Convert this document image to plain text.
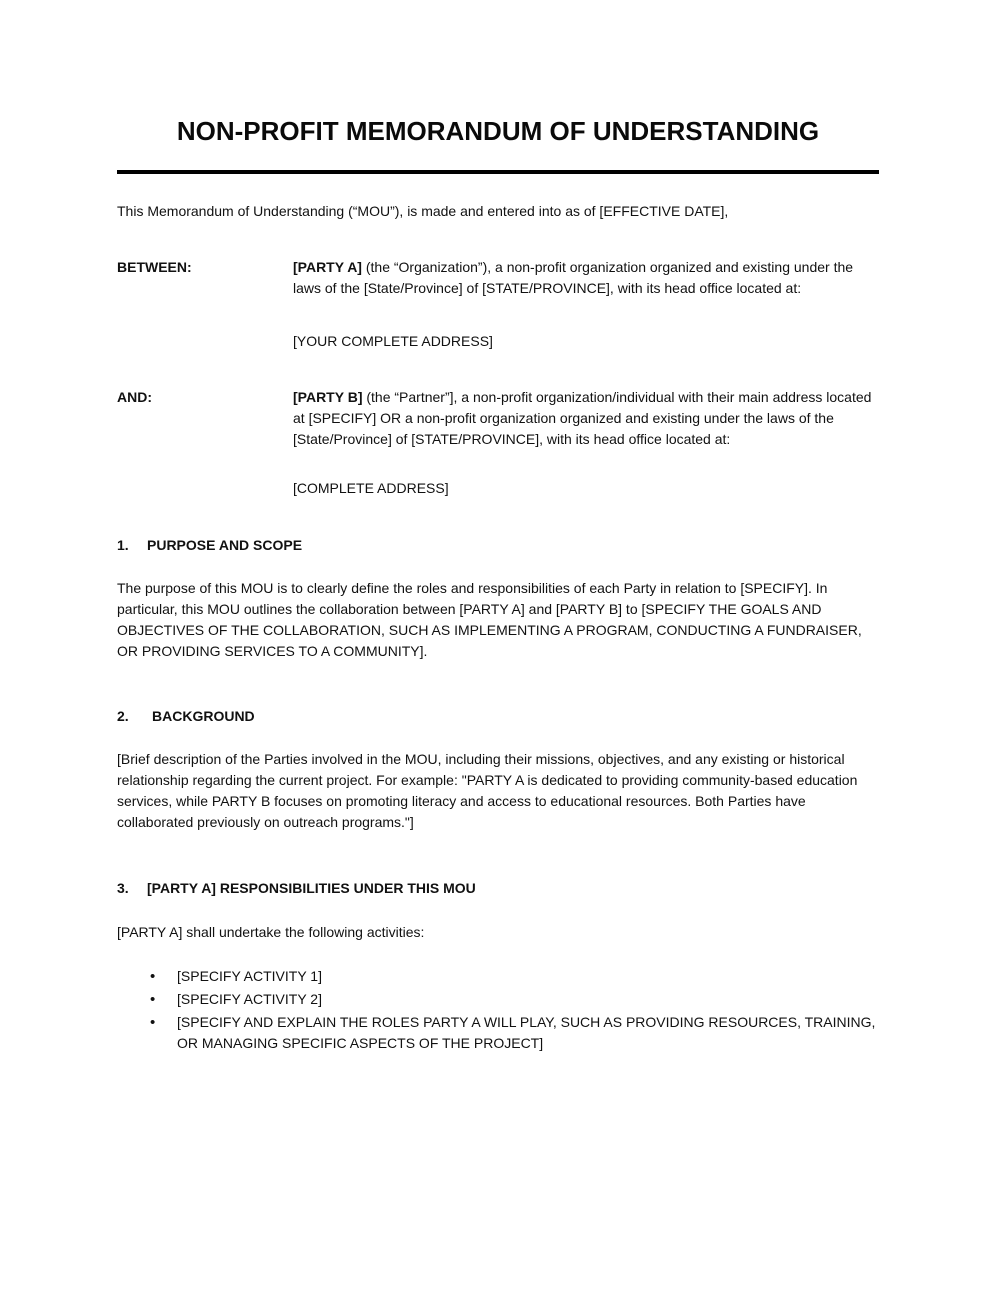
NON-PROFIT MEMORANDUM OF UNDERSTANDING

This Memorandum of Understanding (“MOU”), is made and entered into as of [EFFECTIVE DATE],

BETWEEN:	[PARTY A] (the “Organization”), a non-profit organization organized and existing under the laws of the [State/Province] of [STATE/PROVINCE], with its head office located at:
[YOUR COMPLETE ADDRESS]
AND:	[PARTY B] (the “Partner”], a non-profit organization/individual with their main address located at [SPECIFY] OR a non-profit organization organized and existing under the laws of the [State/Province] of [STATE/PROVINCE], with its head office located at:
[COMPLETE ADDRESS]
1.	PURPOSE AND SCOPE

The purpose of this MOU is to clearly define the roles and responsibilities of each Party in relation to [SPECIFY]. In particular, this MOU outlines the collaboration between [PARTY A] and [PARTY B] to [SPECIFY THE GOALS AND OBJECTIVES OF THE COLLABORATION, SUCH AS IMPLEMENTING A PROGRAM, CONDUCTING A FUNDRAISER, OR PROVIDING SERVICES TO A COMMUNITY].

2.	BACKGROUND

[Brief description of the Parties involved in the MOU, including their missions, objectives, and any existing or historical relationship regarding the current project. For example: "PARTY A is dedicated to providing community-based education services, while PARTY B focuses on promoting literacy and access to educational resources. Both Parties have collaborated previously on outreach programs."]

3.	[PARTY A] RESPONSIBILITIES UNDER THIS MOU

[PARTY A] shall undertake the following activities:

• [SPECIFY ACTIVITY 1]
• [SPECIFY ACTIVITY 2]
• [SPECIFY AND EXPLAIN THE ROLES PARTY A WILL PLAY, SUCH AS PROVIDING RESOURCES, TRAINING, OR MANAGING SPECIFIC ASPECTS OF THE PROJECT]
